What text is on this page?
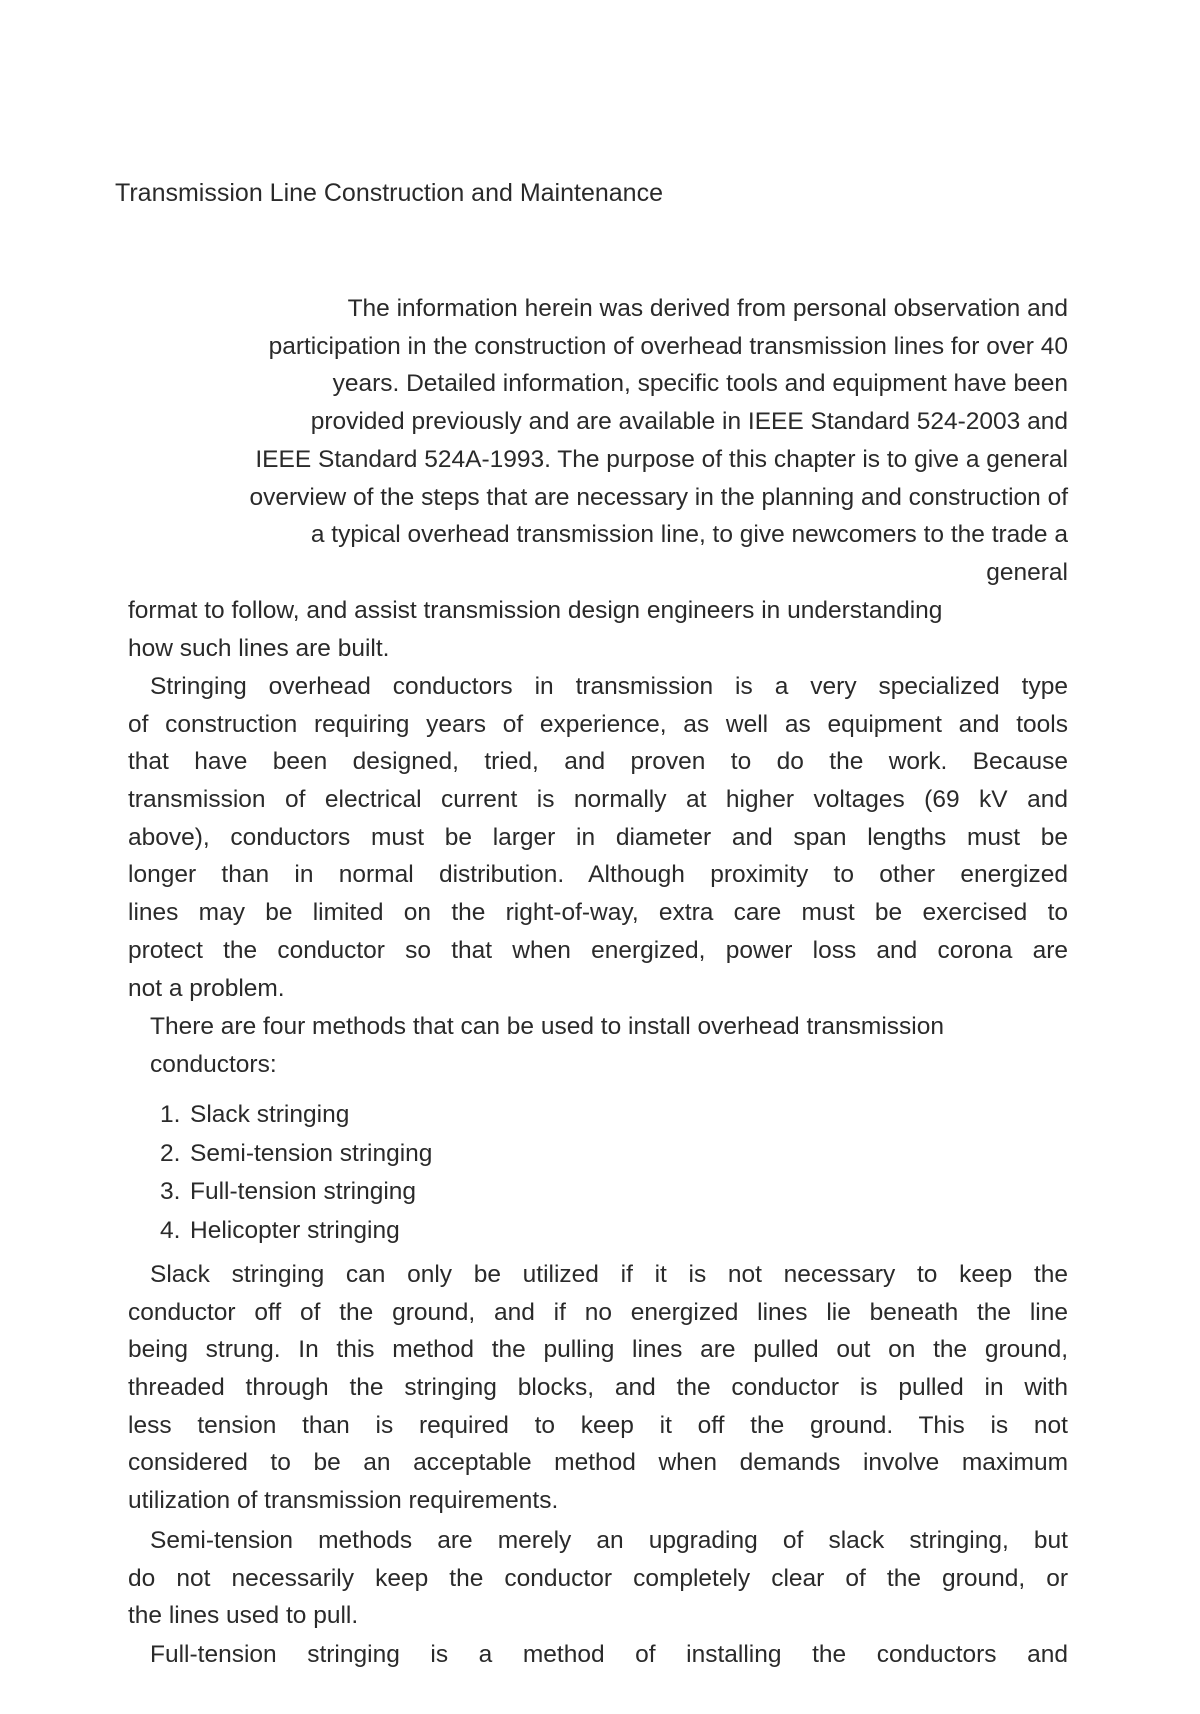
Transmission Line Construction and Maintenance
The information herein was derived from personal observation and
participation in the construction of overhead transmission lines for over 40
years. Detailed information, specific tools and equipment have been
provided previously and are available in IEEE Standard 524-2003 and
IEEE Standard 524A-1993. The purpose of this chapter is to give a general
overview of the steps that are necessary in the planning and construction of
a typical overhead transmission line, to give newcomers to the trade a
general
format to follow, and assist transmission design engineers in understanding
how such lines are built.
Stringing overhead conductors in transmission is a very specialized type
of construction requiring years of experience, as well as equipment and tools
that have been designed, tried, and proven to do the work. Because
transmission of electrical current is normally at higher voltages (69 kV and
above), conductors must be larger in diameter and span lengths must be
longer than in normal distribution. Although proximity to other energized
lines may be limited on the right-of-way, extra care must be exercised to
protect the conductor so that when energized, power loss and corona are
not a problem.
There are four methods that can be used to install overhead transmission
conductors:
1. Slack stringing
2. Semi-tension stringing
3. Full-tension stringing
4. Helicopter stringing
Slack stringing can only be utilized if it is not necessary to keep the
conductor off of the ground, and if no energized lines lie beneath the line
being strung. In this method the pulling lines are pulled out on the ground,
threaded through the stringing blocks, and the conductor is pulled in with
less tension than is required to keep it off the ground. This is not
considered to be an acceptable method when demands involve maximum
utilization of transmission requirements.
Semi-tension methods are merely an upgrading of slack stringing, but
do not necessarily keep the conductor completely clear of the ground, or
the lines used to pull.
Full-tension stringing is a method of installing the conductors and
